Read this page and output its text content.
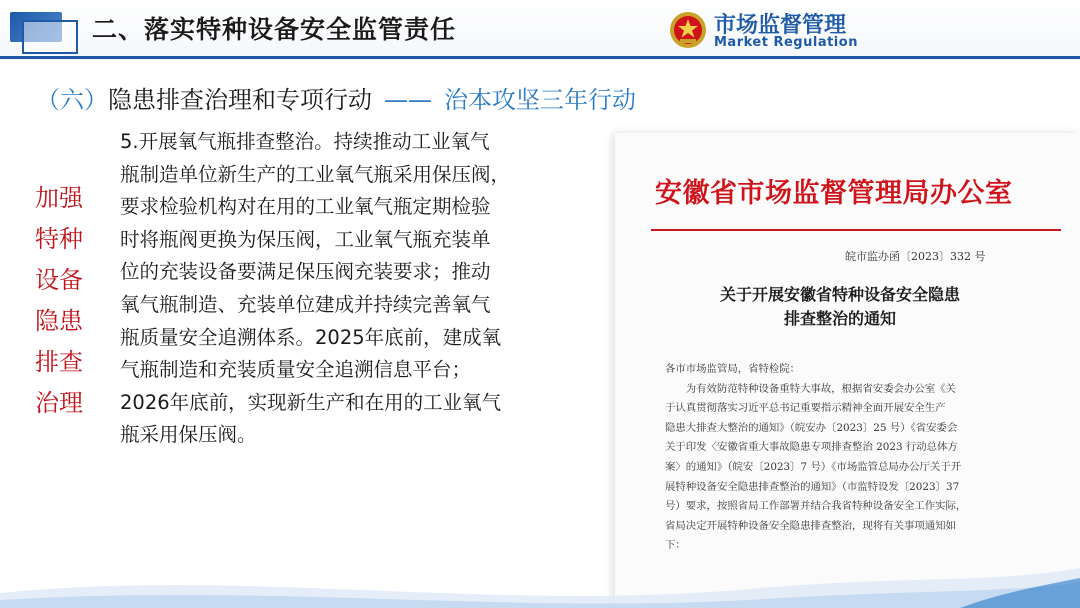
二、落实特种设备安全监管责任	市场监督管理
Market Regulation
（六）隐患排查治理和专项行动 —— 治本攻坚三年行动
加强
特种
设备
隐患
排查
治理
5.开展氧气瓶排查整治。持续推动工业氧气
瓶制造单位新生产的工业氧气瓶采用保压阀，
要求检验机构对在用的工业氧气瓶定期检验
时将瓶阀更换为保压阀，工业氧气瓶充装单
位的充装设备要满足保压阀充装要求；推动
氧气瓶制造、充装单位建成并持续完善氧气
瓶质量安全追溯体系。2025年底前，建成氧
气瓶制造和充装质量安全追溯信息平台；
2026年底前，实现新生产和在用的工业氧气
瓶采用保压阀。
安徽省市场监督管理局办公室
皖市监办函〔2023〕332 号
关于开展安徽省特种设备安全隐患
排查整治的通知
各市市场监管局，省特检院：
　　为有效防范特种设备重特大事故，根据省安委会办公室《关
于认真贯彻落实习近平总书记重要指示精神全面开展安全生产
隐患大排查大整治的通知》（皖安办〔2023〕25 号）《省安委会
关于印发〈安徽省重大事故隐患专项排查整治 2023 行动总体方
案〉的通知》（皖安〔2023〕7 号）《市场监管总局办公厅关于开
展特种设备安全隐患排查整治的通知》（市监特设发〔2023〕37
号）要求，按照省局工作部署并结合我省特种设备安全工作实际，
省局决定开展特种设备安全隐患排查整治，现将有关事项通知如
下：
